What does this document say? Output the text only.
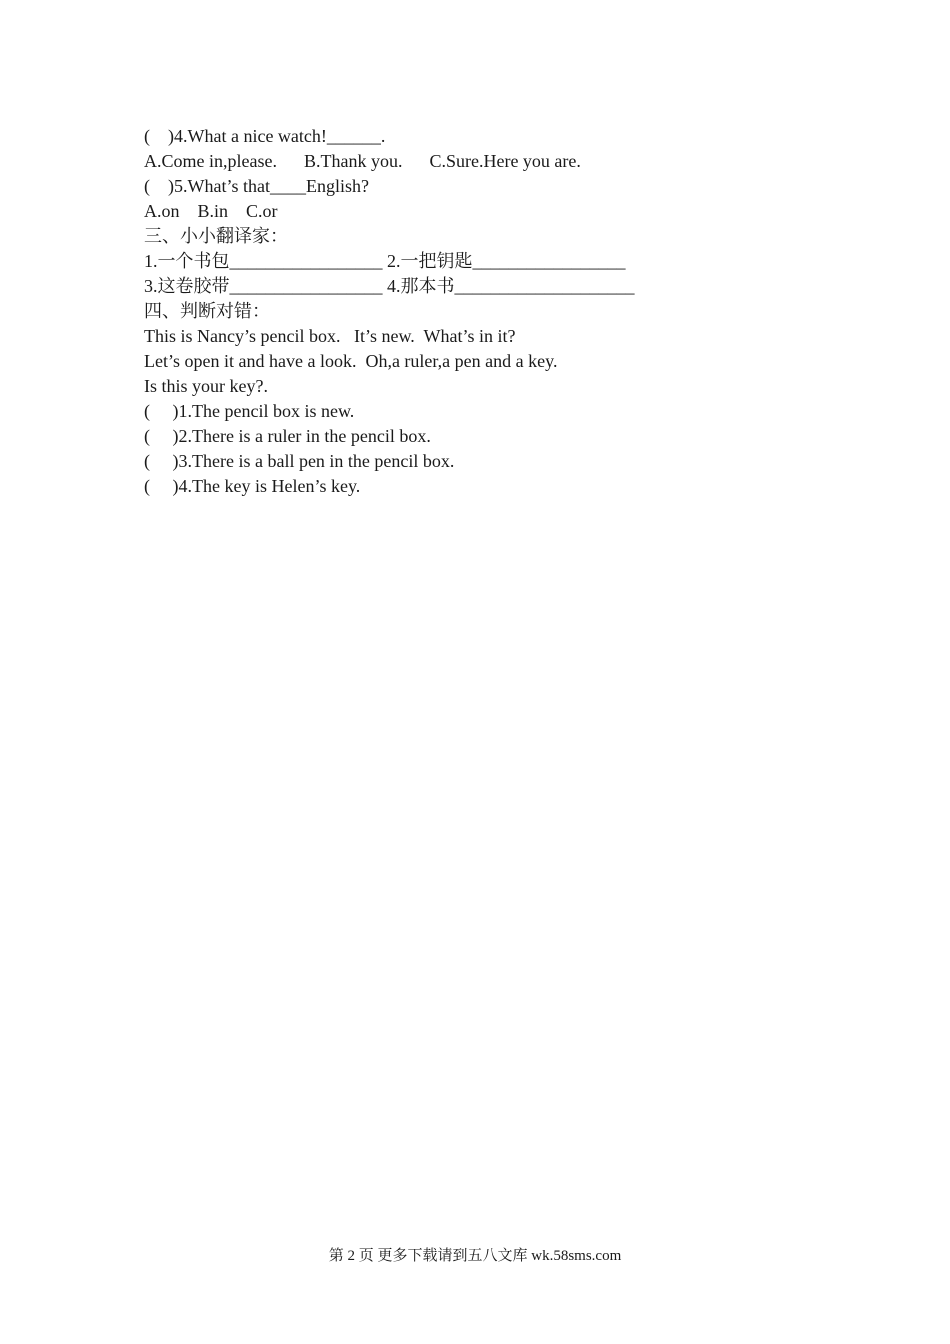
(    )4.What a nice watch!______.
A.Come in,please.      B.Thank you.      C.Sure.Here you are.
(    )5.What’s that____English?
A.on    B.in    C.or
三、小小翻译家：
1.一个书包_________________ 2.一把钥匙_________________
3.这卷胶带_________________ 4.那本书____________________
四、判断对错：
This is Nancy’s pencil box.   It’s new.  What’s in it?
Let’s open it and have a look.  Oh,a ruler,a pen and a key.
Is this your key?.
(     )1.The pencil box is new.
(     )2.There is a ruler in the pencil box.
(     )3.There is a ball pen in the pencil box.
(     )4.The key is Helen’s key.
第 2 页 更多下载请到五八文库 wk.58sms.com
